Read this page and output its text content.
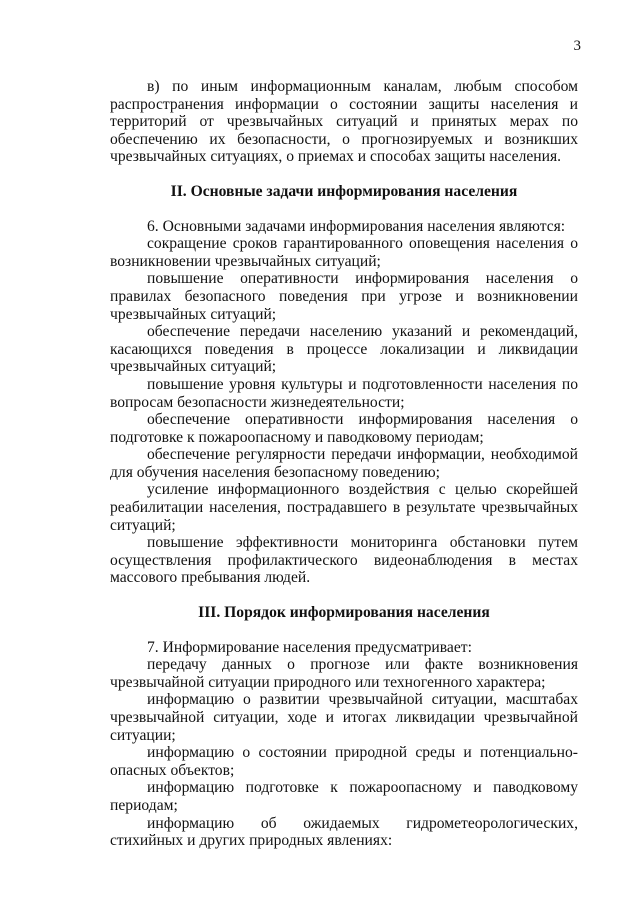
3

в) по иным информационным каналам, любым способом распространения информации о состоянии защиты населения и территорий от чрезвычайных ситуаций и принятых мерах по обеспечению их безопасности, о прогнозируемых и возникших чрезвычайных ситуациях, о приемах и способах защиты населения.

II. Основные задачи информирования населения

6. Основными задачами информирования населения являются:

сокращение сроков гарантированного оповещения населения о возникновении чрезвычайных ситуаций;

повышение оперативности информирования населения о правилах безопасного поведения при угрозе и возникновении чрезвычайных ситуаций;

обеспечение передачи населению указаний и рекомендаций, касающихся поведения в процессе локализации и ликвидации чрезвычайных ситуаций;

повышение уровня культуры и подготовленности населения по вопросам безопасности жизнедеятельности;

обеспечение оперативности информирования населения о подготовке к пожароопасному и паводковому периодам;

обеспечение регулярности передачи информации, необходимой для обучения населения безопасному поведению;

усиление информационного воздействия с целью скорейшей реабилитации населения, пострадавшего в результате чрезвычайных ситуаций;

повышение эффективности мониторинга обстановки путем осуществления профилактического видеонаблюдения в местах массового пребывания людей.

III. Порядок информирования населения

7. Информирование населения предусматривает:

передачу данных о прогнозе или факте возникновения чрезвычайной ситуации природного или техногенного характера;

информацию о развитии чрезвычайной ситуации, масштабах чрезвычайной ситуации, ходе и итогах ликвидации чрезвычайной ситуации;

информацию о состоянии природной среды и потенциально-опасных объектов;

информацию подготовке к пожароопасному и паводковому периодам;

информацию об ожидаемых гидрометеорологических, стихийных и других природных явлениях:
